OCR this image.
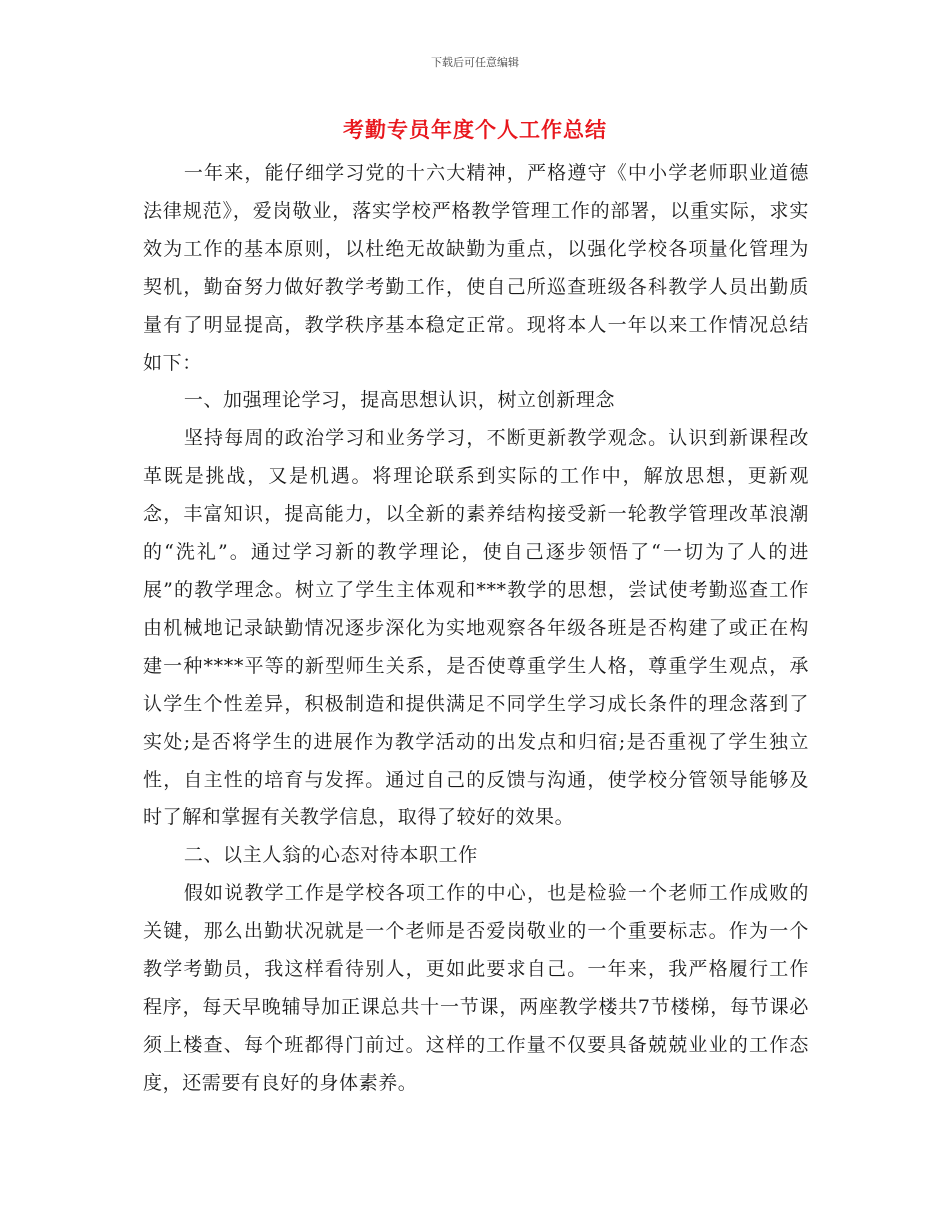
下载后可任意编辑
考勤专员年度个人工作总结

一年来，能仔细学习党的十六大精神，严格遵守《中小学老师职业道德法律规范》，爱岗敬业，落实学校严格教学管理工作的部署，以重实际，求实效为工作的基本原则，以杜绝无故缺勤为重点，以强化学校各项量化管理为契机，勤奋努力做好教学考勤工作，使自己所巡查班级各科教学人员出勤质量有了明显提高，教学秩序基本稳定正常。现将本人一年以来工作情况总结如下：

一、加强理论学习，提高思想认识，树立创新理念

坚持每周的政治学习和业务学习，不断更新教学观念。认识到新课程改革既是挑战，又是机遇。将理论联系到实际的工作中，解放思想，更新观念，丰富知识，提高能力，以全新的素养结构接受新一轮教学管理改革浪潮的“洗礼”。通过学习新的教学理论，使自己逐步领悟了“一切为了人的进展”的教学理念。树立了学生主体观和***教学的思想，尝试使考勤巡查工作由机械地记录缺勤情况逐步深化为实地观察各年级各班是否构建了或正在构建一种****平等的新型师生关系，是否使尊重学生人格，尊重学生观点，承认学生个性差异，积极制造和提供满足不同学生学习成长条件的理念落到了实处;是否将学生的进展作为教学活动的出发点和归宿;是否重视了学生独立性，自主性的培育与发挥。通过自己的反馈与沟通，使学校分管领导能够及时了解和掌握有关教学信息，取得了较好的效果。

二、以主人翁的心态对待本职工作

假如说教学工作是学校各项工作的中心，也是检验一个老师工作成败的关键，那么出勤状况就是一个老师是否爱岗敬业的一个重要标志。作为一个教学考勤员，我这样看待别人，更如此要求自己。一年来，我严格履行工作程序，每天早晚辅导加正课总共十一节课，两座教学楼共7节楼梯，每节课必须上楼查、每个班都得门前过。这样的工作量不仅要具备兢兢业业的工作态度，还需要有良好的身体素养。
